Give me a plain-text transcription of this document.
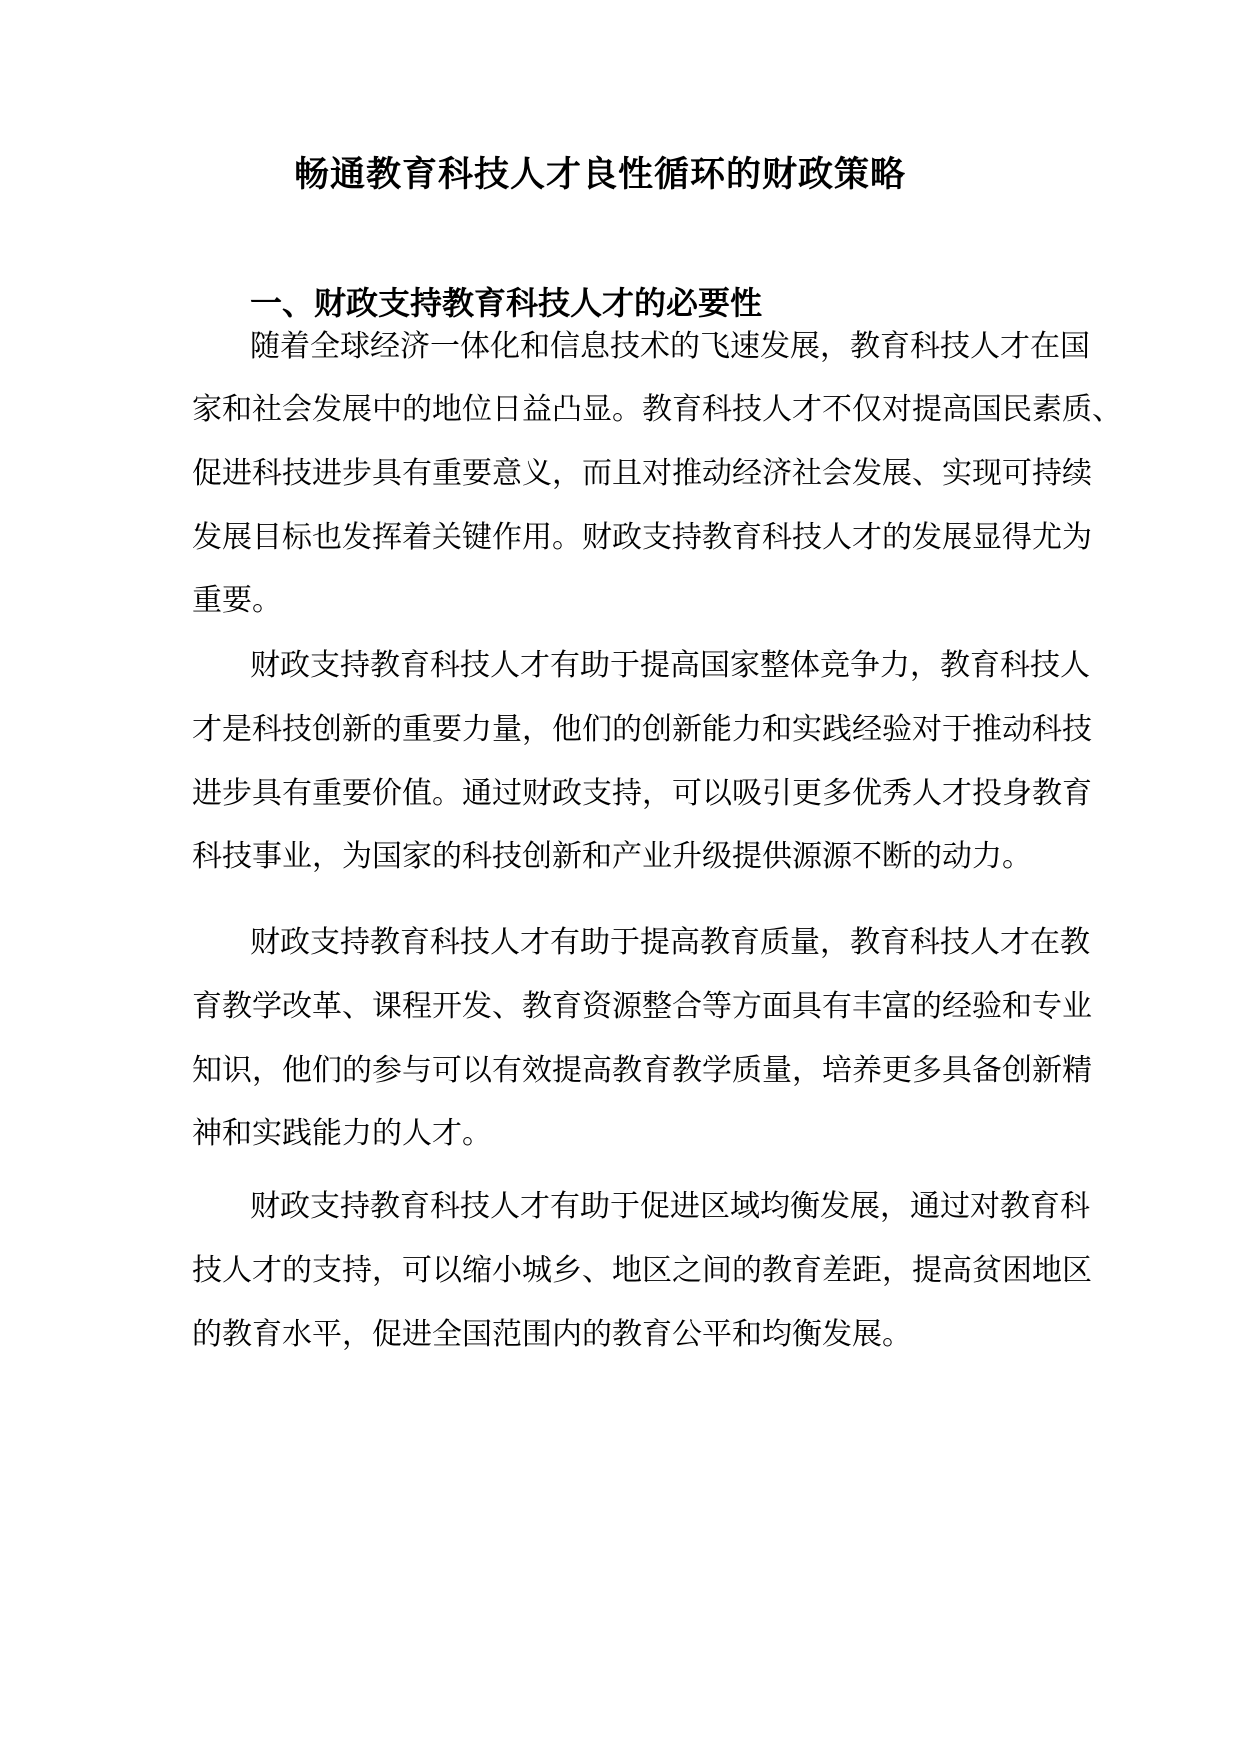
畅通教育科技人才良性循环的财政策略
一、财政支持教育科技人才的必要性

随着全球经济一体化和信息技术的飞速发展，教育科技人才在国

家和社会发展中的地位日益凸显。教育科技人才不仅对提高国民素质、

促进科技进步具有重要意义，而且对推动经济社会发展、实现可持续

发展目标也发挥着关键作用。财政支持教育科技人才的发展显得尤为

重要。

财政支持教育科技人才有助于提高国家整体竞争力，教育科技人

才是科技创新的重要力量，他们的创新能力和实践经验对于推动科技

进步具有重要价值。通过财政支持，可以吸引更多优秀人才投身教育

科技事业，为国家的科技创新和产业升级提供源源不断的动力。

财政支持教育科技人才有助于提高教育质量，教育科技人才在教

育教学改革、课程开发、教育资源整合等方面具有丰富的经验和专业

知识，他们的参与可以有效提高教育教学质量，培养更多具备创新精

神和实践能力的人才。

财政支持教育科技人才有助于促进区域均衡发展，通过对教育科

技人才的支持，可以缩小城乡、地区之间的教育差距，提高贫困地区

的教育水平，促进全国范围内的教育公平和均衡发展。
